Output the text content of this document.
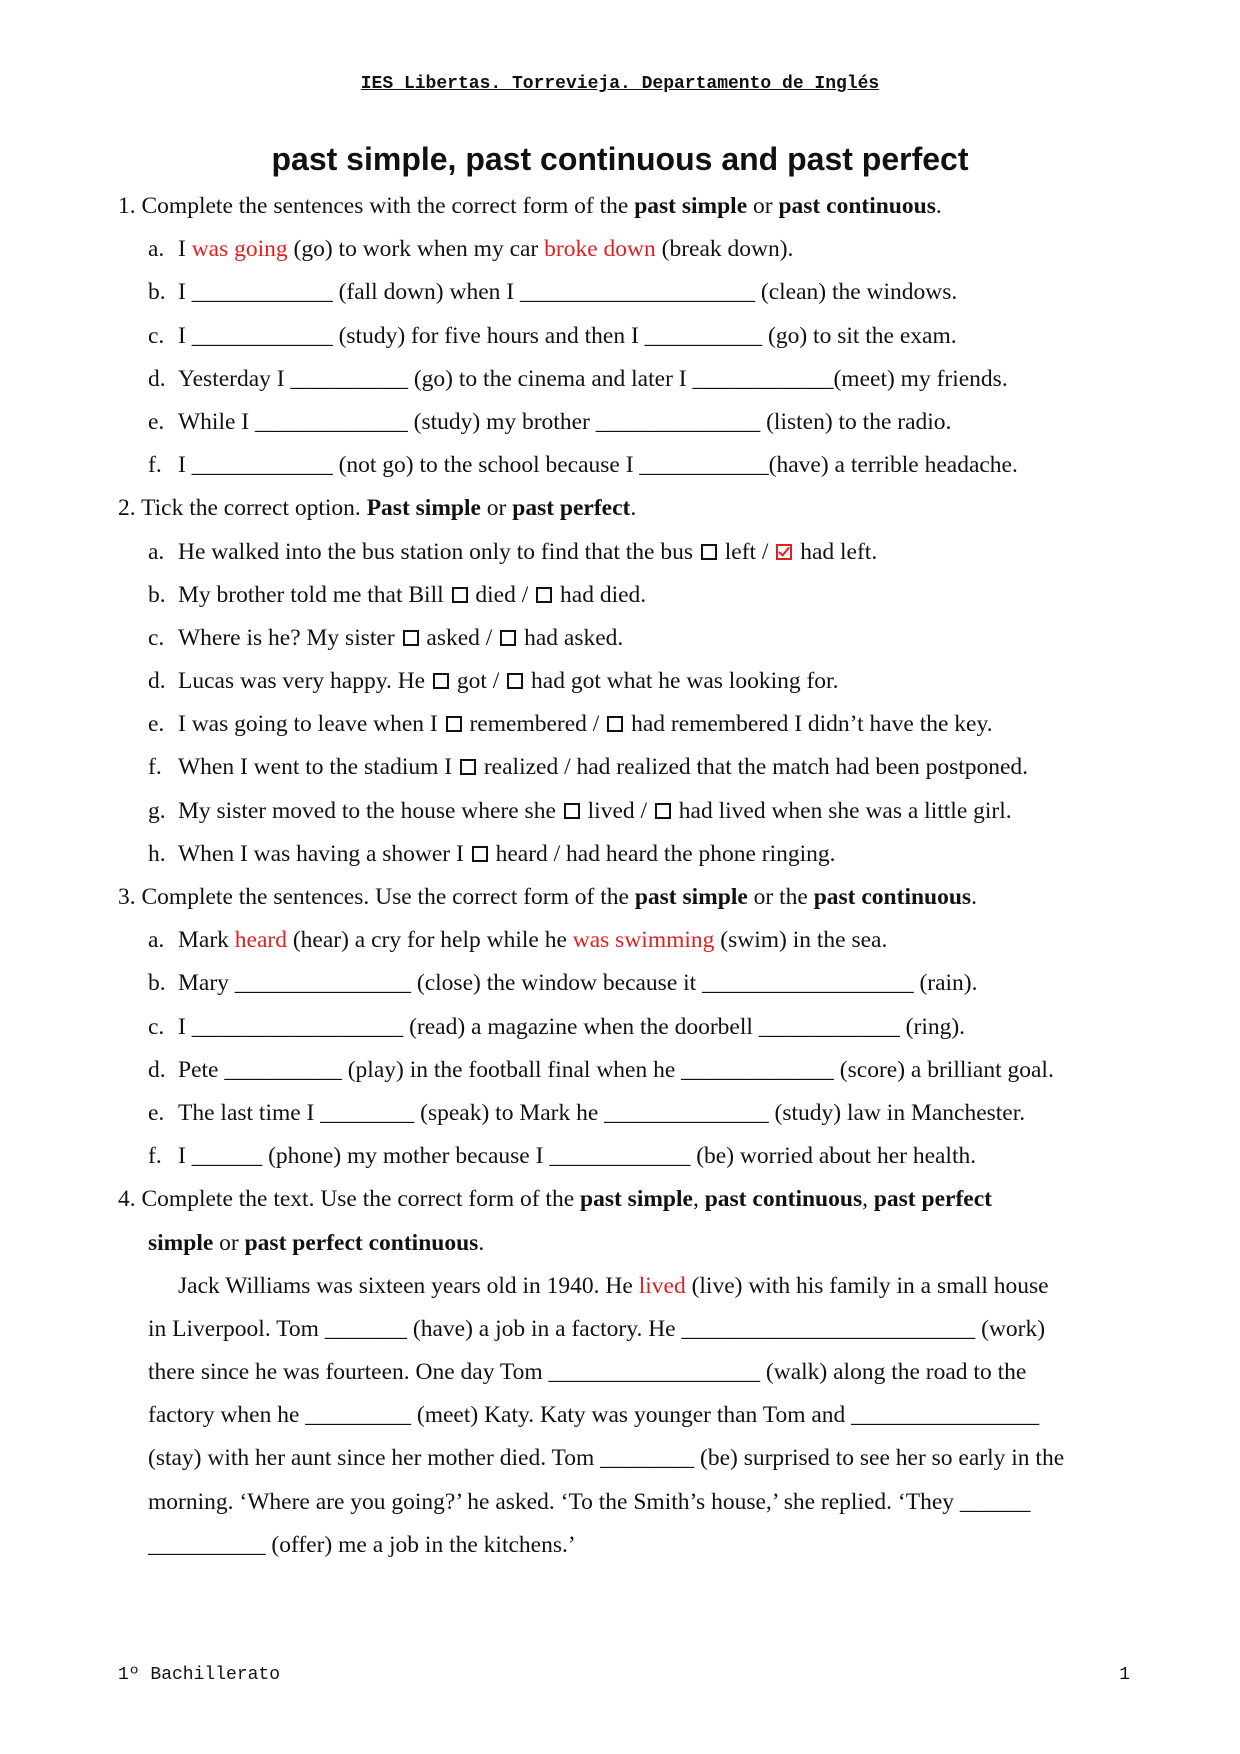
IES Libertas. Torrevieja. Departamento de Inglés
past simple, past continuous and past perfect
1. Complete the sentences with the correct form of the past simple or past continuous.
a. I was going (go) to work when my car broke down (break down).
b. I ____________ (fall down) when I ____________________ (clean) the windows.
c. I ____________ (study) for five hours and then I __________ (go) to sit the exam.
d. Yesterday I __________ (go) to the cinema and later I ____________(meet) my friends.
e. While I _____________ (study) my brother ______________ (listen) to the radio.
f. I ____________ (not go) to the school because I ___________(have) a terrible headache.
2. Tick the correct option. Past simple or past perfect.
a. He walked into the bus station only to find that the bus  left / had left.
b. My brother told me that Bill  died / had died.
c. Where is he? My sister  asked / had asked.
d. Lucas was very happy. He  got / had got what he was looking for.
e. I was going to leave when I  remembered / had remembered I didn’t have the key.
f. When I went to the stadium I  realized / had realized that the match had been postponed.
g. My sister moved to the house where she  lived / had lived when she was a little girl.
h. When I was having a shower I  heard / had heard the phone ringing.
3. Complete the sentences. Use the correct form of the past simple or the past continuous.
a. Mark heard (hear) a cry for help while he was swimming (swim) in the sea.
b. Mary _______________ (close) the window because it __________________ (rain).
c. I __________________ (read) a magazine when the doorbell ____________ (ring).
d. Pete __________ (play) in the football final when he _____________ (score) a brilliant goal.
e. The last time I ________ (speak) to Mark he ______________ (study) law in Manchester.
f. I ______ (phone) my mother because I ____________ (be) worried about her health.
4. Complete the text. Use the correct form of the past simple, past continuous, past perfect
simple or past perfect continuous.
Jack Williams was sixteen years old in 1940. He lived (live) with his family in a small house
in Liverpool. Tom _______ (have) a job in a factory. He _________________________ (work)
there since he was fourteen. One day Tom __________________ (walk) along the road to the
factory when he _________ (meet) Katy. Katy was younger than Tom and ________________
(stay) with her aunt since her mother died. Tom ________ (be) surprised to see her so early in the
morning. ‘Where are you going?’ he asked. ‘To the Smith’s house,’ she replied. ‘They ______
__________ (offer) me a job in the kitchens.’
1º Bachillerato	1
